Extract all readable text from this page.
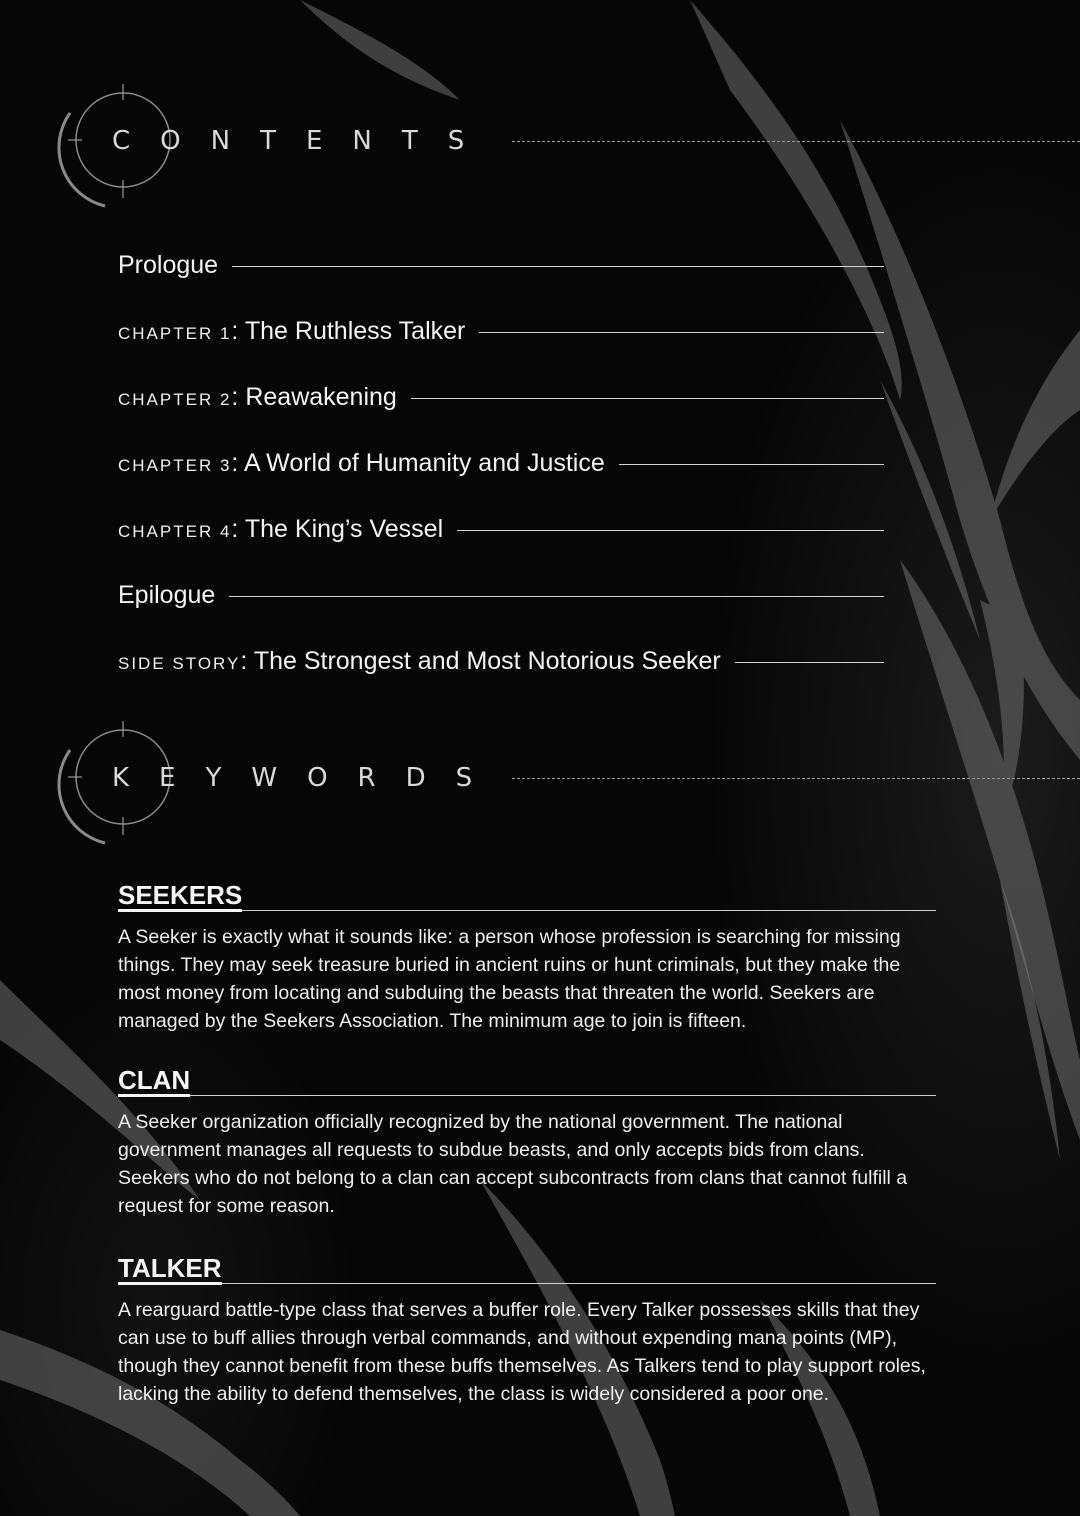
CONTENTS
Prologue
CHAPTER 1: The Ruthless Talker
CHAPTER 2: Reawakening
CHAPTER 3: A World of Humanity and Justice
CHAPTER 4: The King’s Vessel
Epilogue
SIDE STORY: The Strongest and Most Notorious Seeker
KEYWORDS
SEEKERS

A Seeker is exactly what it sounds like: a person whose profession is searching for missing things. They may seek treasure buried in ancient ruins or hunt criminals, but they make the most money from locating and subduing the beasts that threaten the world. Seekers are managed by the Seekers Association. The minimum age to join is fifteen.

CLAN

A Seeker organization officially recognized by the national government. The national government manages all requests to subdue beasts, and only accepts bids from clans. Seekers who do not belong to a clan can accept subcontracts from clans that cannot fulfill a request for some reason.

TALKER

A rearguard battle-type class that serves a buffer role. Every Talker possesses skills that they can use to buff allies through verbal commands, and without expending mana points (MP), though they cannot benefit from these buffs themselves. As Talkers tend to play support roles, lacking the ability to defend themselves, the class is widely considered a poor one.
